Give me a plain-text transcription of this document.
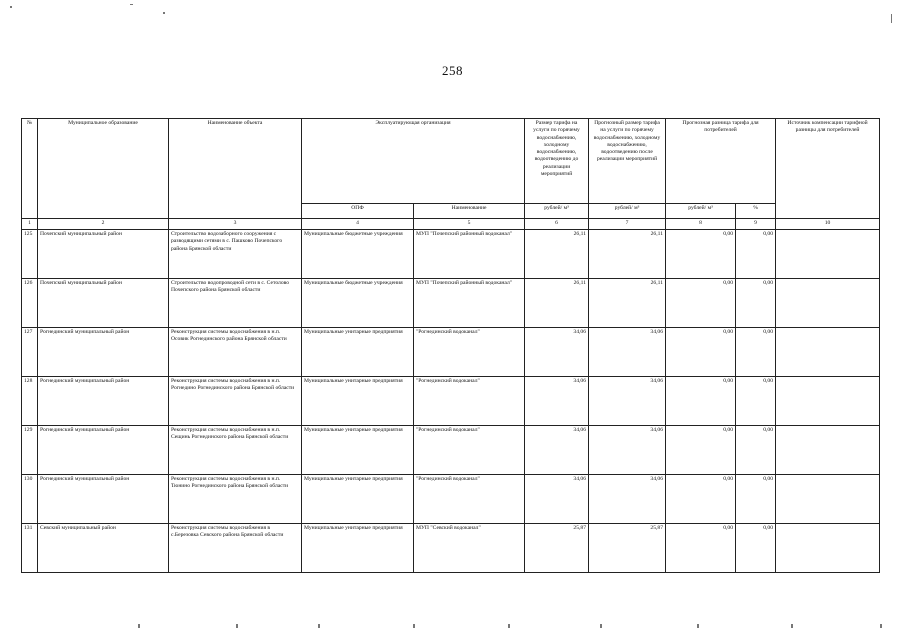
258
№	Муниципальное образование	Наименование объекта	Эксплуатирующая организация		Размер тарифа на услуги по горячему водоснабжению, холодному водоснабжению, водоотведению до реализации мероприятий	Прогнозный размер тарифа на услуги по горячему водоснабжению, холодному водоснабжению, водоотведению после реализации мероприятий	Прогнозная разница тарифа для потребителей		Источник компенсации тарифной разницы для потребителей
			ОПФ	Наименование	рублей/ м³	рублей/ м³	рублей/ м³	%	
1	2	3	4	5	6	7	8	9	10
125	Почепский муниципальный район	Строительство водозаборного сооружения с разводящими сетями в с. Пашково Почепского района Брянской области	Муниципальные бюджетные учреждения	МУП "Почепский районный водоканал"	26,11	26,11	0,00	0,00	
126	Почепский муниципальный район	Строительство водопроводной сети в с. Сетолово Почепского района Брянской области	Муниципальные бюджетные учреждения	МУП "Почепский районный водоканал"	26,11	26,11	0,00	0,00	
127	Рогнединский муниципальный район	Реконструкция системы водоснабжения в н.п. Осовик Рогнединского района Брянской области	Муниципальные унитарные предприятия	"Рогнединский водоканал"	34,06	34,06	0,00	0,00	
128	Рогнединский муниципальный район	Реконструкция системы водоснабжения в н.п. Рогнедино Рогнединского района Брянской области	Муниципальные унитарные предприятия	"Рогнединский водоканал"	34,06	34,06	0,00	0,00	
129	Рогнединский муниципальный район	Реконструкция системы водоснабжения в н.п. Сещинь Рогнединского района Брянской области	Муниципальные унитарные предприятия	"Рогнединский водоканал"	34,06	34,06	0,00	0,00	
130	Рогнединский муниципальный район	Реконструкция системы водоснабжения в н.п. Тюнино Рогнединского района Брянской области	Муниципальные унитарные предприятия	"Рогнединский водоканал"	34,06	34,06	0,00	0,00	
131	Севский муниципальный район	Реконструкция системы водоснабжения в с.Березовка Севского района Брянской области	Муниципальные унитарные предприятия	МУП "Севский водоканал"	25,87	25,87	0,00	0,00	
